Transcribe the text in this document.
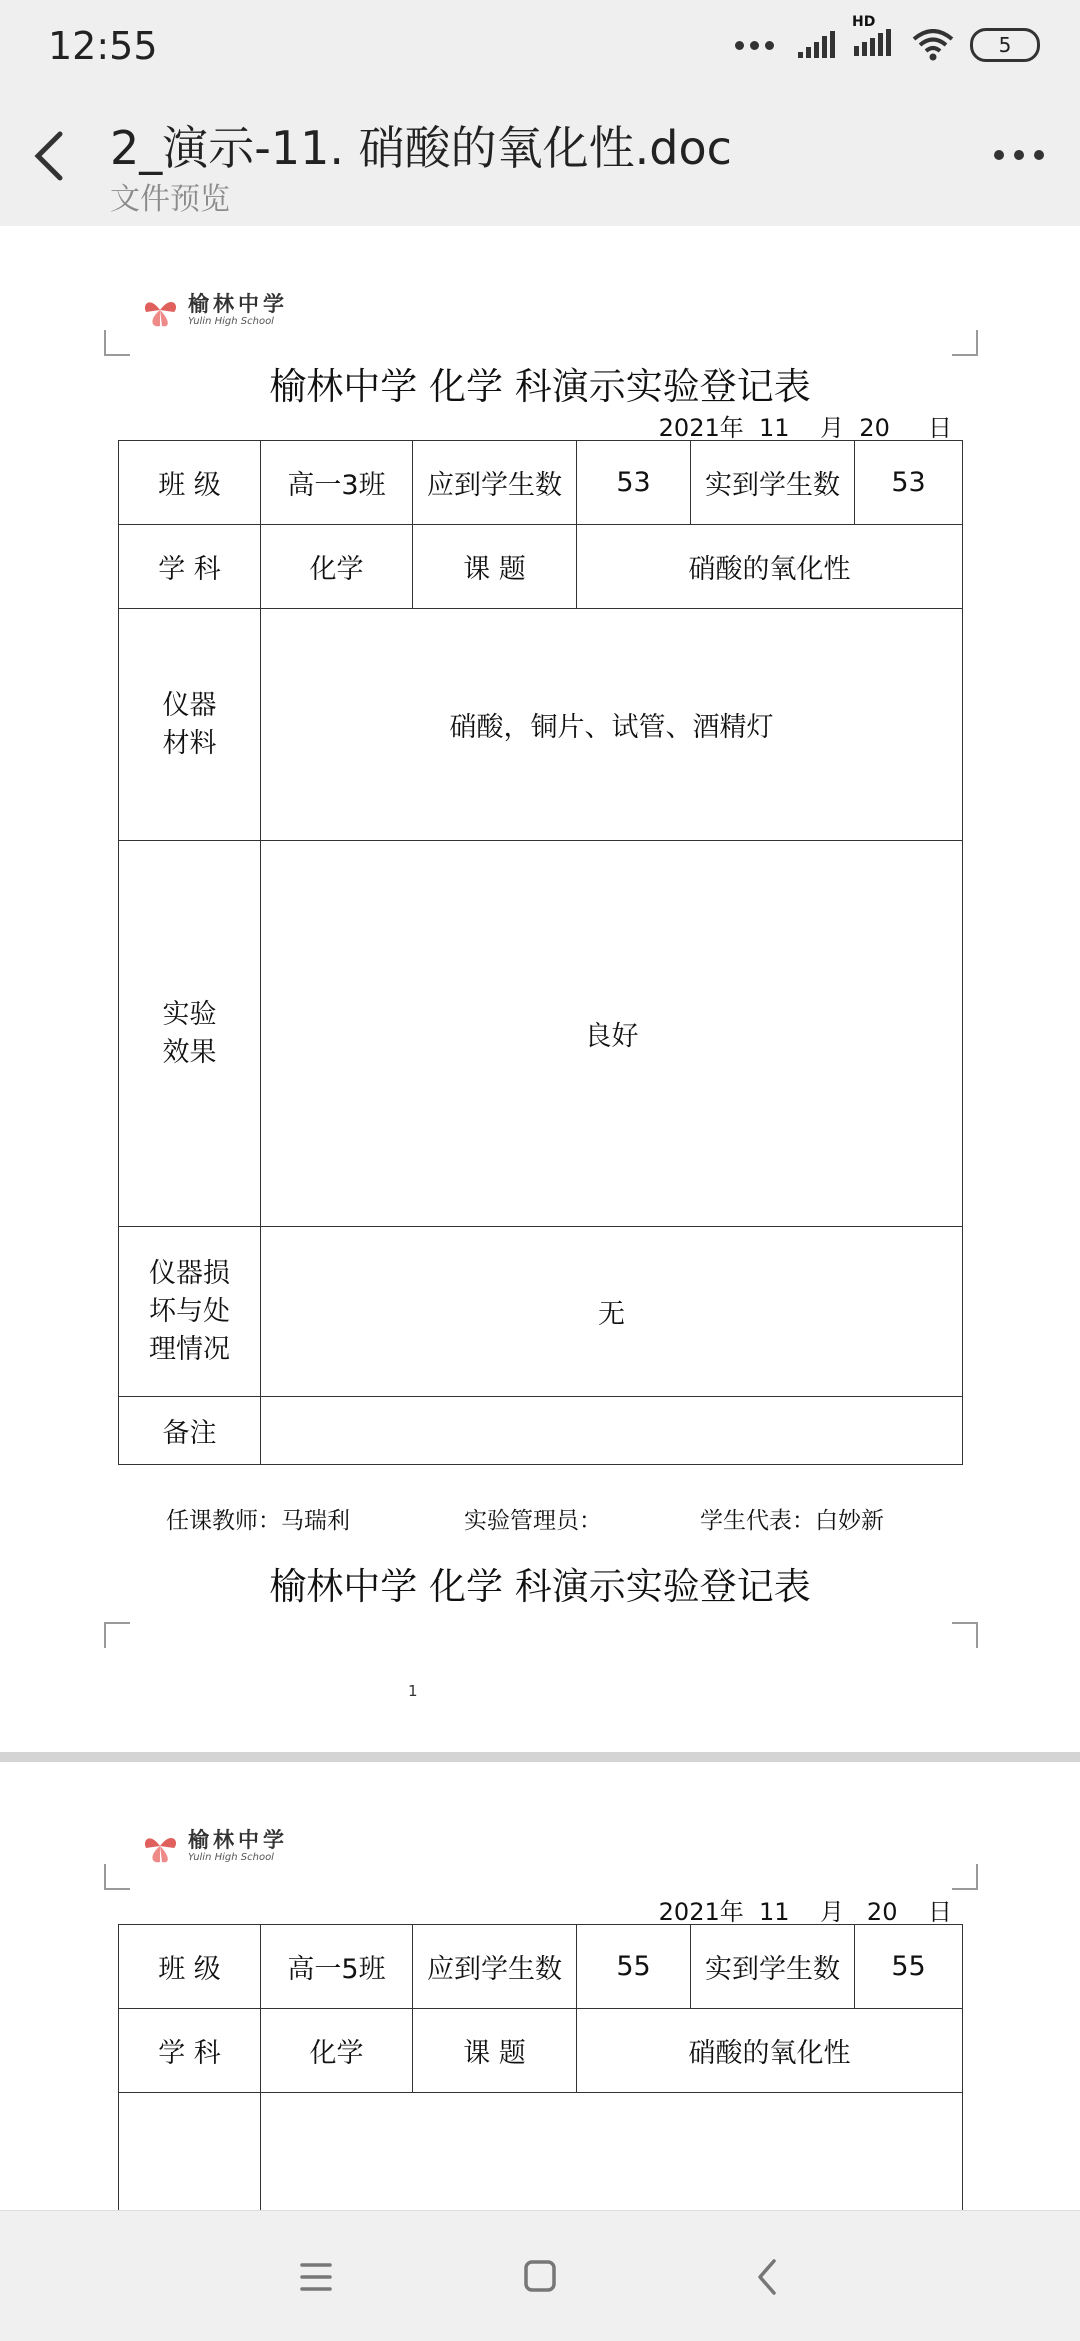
12:55
HD
5
2_演示-11. 硝酸的氧化性.doc
文件预览
榆林中学
Yulin High School
榆林中学 化学 科演示实验登记表
2021年  11    月  20     日
班 级	高一3班	应到学生数	53	实到学生数	53
学 科	化学	课 题	硝酸的氧化性		

仪器
材料	硝酸，铜片、试管、酒精灯				

实验
效果	良好				

仪器损
坏与处
理情况	无				
备注					
任课教师：马瑞利	实验管理员：	学生代表：白妙新
榆林中学 化学 科演示实验登记表
1
榆林中学
Yulin High School
2021年  11    月   20    日
班 级	高一5班	应到学生数	55	实到学生数	55
学 科	化学	课 题	硝酸的氧化性		
